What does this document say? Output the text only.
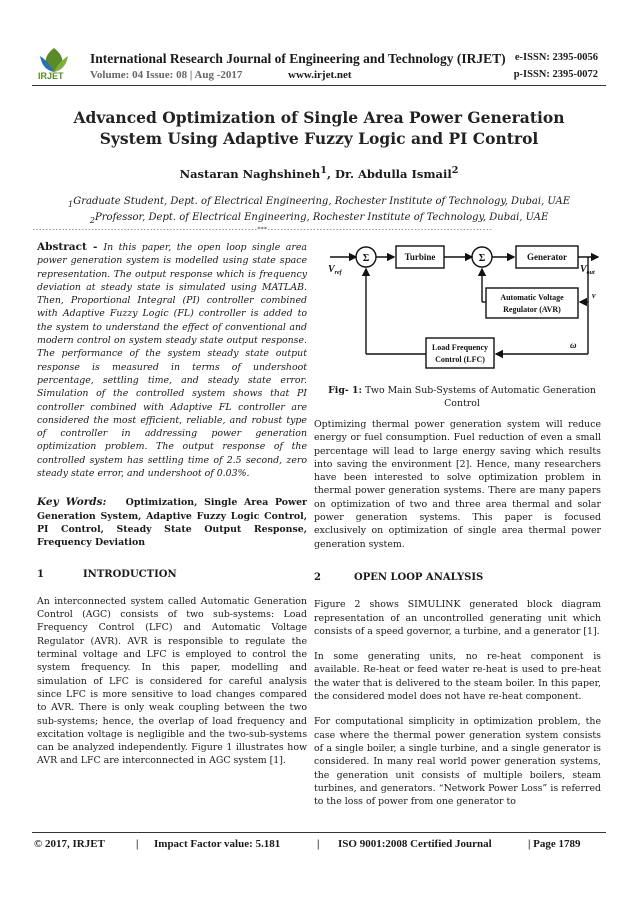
IRJET
International Research Journal of Engineering and Technology (IRJET) e-ISSN: 2395-0056
Volume: 04 Issue: 08 | Aug -2017	www.irjet.net	p-ISSN: 2395-0072
Advanced Optimization of Single Area Power Generation
System Using Adaptive Fuzzy Logic and PI Control
Nastaran Naghshineh$^1$, Dr. Abdulla Ismail$^2$
$_1$Graduate Student, Dept. of Electrical Engineering, Rochester Institute of Technology, Dubai, UAE
$_2$Professor, Dept. of Electrical Engineering, Rochester Institute of Technology, Dubai, UAE
---------------------------------------------------------------------***---------------------------------------------------------------------

Abstract - In this paper, the open loop single area power generation system is modelled using state space representation. The output response which is frequency deviation at steady state is simulated using MATLAB. Then, Proportional Integral (PI) controller combined with Adaptive Fuzzy Logic (FL) controller is added to the system to understand the effect of conventional and modern control on system steady state output response. The performance of the system steady state output response is measured in terms of undershoot percentage, settling time, and steady state error. Simulation of the controlled system shows that PI controller combined with Adaptive FL controller are considered the most efficient, reliable, and robust type of controller in addressing power generation optimization problem. The output response of the controlled system has settling time of 2.5 second, zero steady state error, and undershoot of 0.03%.

Key Words: Optimization, Single Area Power Generation System, Adaptive Fuzzy Logic Control, PI Control, Steady State Output Response, Frequency Deviation

1	INTRODUCTION

An interconnected system called Automatic Generation Control (AGC) consists of two sub-systems: Load Frequency Control (LFC) and Automatic Voltage Regulator (AVR). AVR is responsible to regulate the terminal voltage and LFC is employed to control the system frequency. In this paper, modelling and simulation of LFC is considered for careful analysis since LFC is more sensitive to load changes compared to AVR. There is only weak coupling between the two sub-systems; hence, the overlap of load frequency and excitation voltage is negligible and the two-sub-systems can be analyzed independently. Figure 1 illustrates how AVR and LFC are interconnected in AGC system [1].

Σ	Σ
Turbine	Generator
Automatic Voltage
Regulator (AVR)
Load Frequency
Control (LFC)
$V_{ref}$	$V_{out}$
v
ω
Fig- 1: Two Main Sub-Systems of Automatic Generation Control

Optimizing thermal power generation system will reduce energy or fuel consumption. Fuel reduction of even a small percentage will lead to large energy saving which results into saving the environment [2]. Hence, many researchers have been interested to solve optimization problem in thermal power generation systems. There are many papers on optimization of two and three area thermal and solar power generation systems. This paper is focused exclusively on optimization of single area thermal power generation system.

2	OPEN LOOP ANALYSIS

Figure 2 shows SIMULINK generated block diagram representation of an uncontrolled generating unit which consists of a speed governor, a turbine, and a generator [1].

In some generating units, no re-heat component is available. Re-heat or feed water re-heat is used to pre-heat the water that is delivered to the steam boiler. In this paper, the considered model does not have re-heat component.

For computational simplicity in optimization problem, the case where the thermal power generation system consists of a single boiler, a single turbine, and a single generator is considered. In many real world power generation systems, the generation unit consists of multiple boilers, steam turbines, and generators. “Network Power Loss” is referred to the loss of power from one generator to

© 2017, IRJET	| Impact Factor value: 5.181	| ISO 9001:2008 Certified Journal	| Page 1789
